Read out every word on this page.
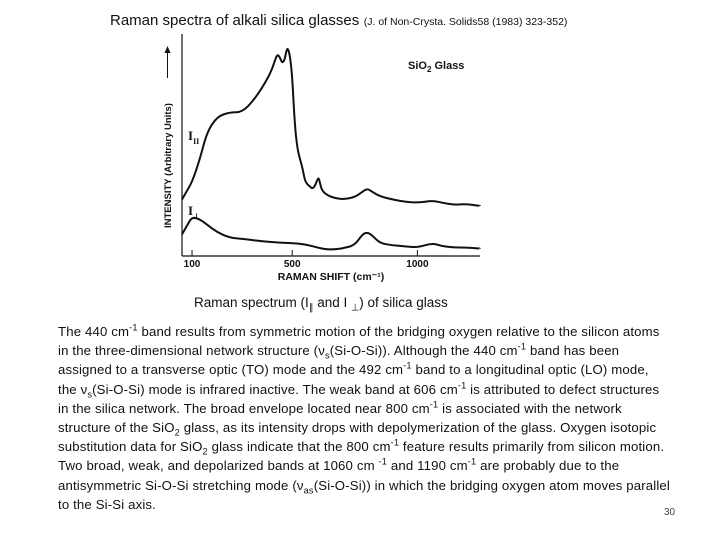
Raman spectra of alkali silica glasses (J. of Non-Crysta. Solids58 (1983) 323-352)
100	500	1000
INTENSITY (Arbitrary Units)
SiO$_2$ Glass
$I_{II}$
$I_\perp$
RAMAN SHIFT (cm⁻¹)
Raman spectrum ($I_\parallel$ and I $_\perp$) of silica glass

The 440 $cm^{-1}$ band results from symmetric motion of the bridging oxygen relative to the silicon atoms in the three-dimensional network structure $(\nu_s(Si-O-Si))$. Although the 440 $cm^{-1}$ band has been assigned to a transverse optic (TO) mode and the 492 $cm^{-1}$ band to a longitudinal optic (LO) mode, the $\nu_s(Si-O-Si)$ mode is infrared inactive. The weak band at 606 $cm^{-1}$ is attributed to defect structures in the silica network. The broad envelope located near 800 $cm^{-1}$ is associated with the network structure of the SiO$_2$ glass, as its intensity drops with depolymerization of the glass. Oxygen isotopic substitution data for SiO$_2$ glass indicate that the 800 $cm^{-1}$ feature results primarily from silicon motion. Two broad, weak, and depolarized bands at 1060 cm $^{-1}$ and 1190 $cm^{-1}$ are probably due to the antisymmetric Si-O-Si stretching mode $(\nu_{as}(Si-O-Si))$ in which the bridging oxygen atom moves parallel to the Si-Si axis.

30
